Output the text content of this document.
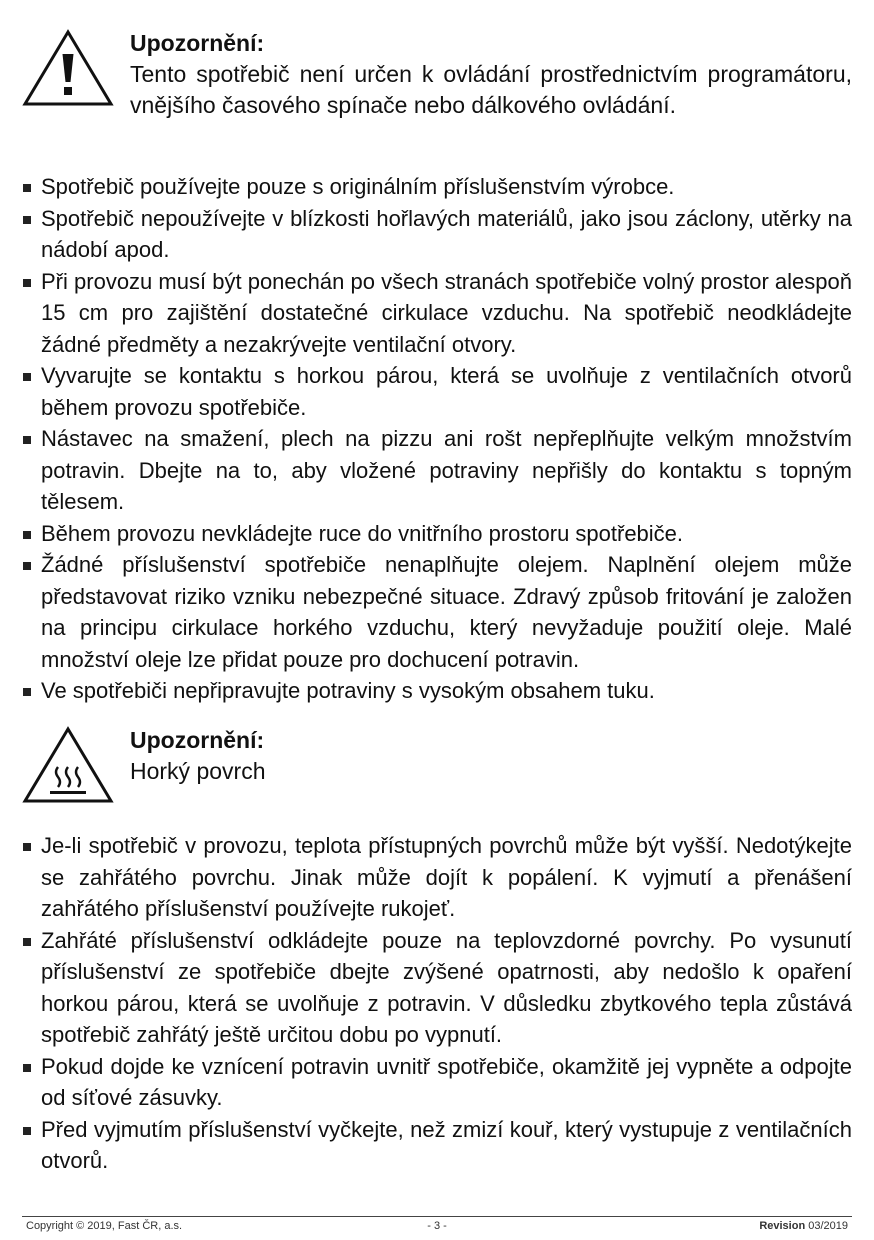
Upozornění:
Tento spotřebič není určen k ovládání prostřednictvím programátoru, vnějšího časového spínače nebo dálkového ovládání.
Spotřebič používejte pouze s originálním příslušenstvím výrobce.
Spotřebič nepoužívejte v blízkosti hořlavých materiálů, jako jsou záclony, utěrky na nádobí apod.
Při provozu musí být ponechán po všech stranách spotřebiče volný prostor alespoň 15 cm pro zajištění dostatečné cirkulace vzduchu. Na spotřebič neodkládejte žádné předměty a nezakrývejte ventilační otvory.
Vyvarujte se kontaktu s horkou párou, která se uvolňuje z ventilačních otvorů během provozu spotřebiče.
Nástavec na smažení, plech na pizzu ani rošt nepřeplňujte velkým množstvím potravin. Dbejte na to, aby vložené potraviny nepřišly do kontaktu s topným tělesem.
Během provozu nevkládejte ruce do vnitřního prostoru spotřebiče.
Žádné příslušenství spotřebiče nenaplňujte olejem. Naplnění olejem může představovat riziko vzniku nebezpečné situace. Zdravý způsob fritování je založen na principu cirkulace horkého vzduchu, který nevyžaduje použití oleje. Malé množství oleje lze přidat pouze pro dochucení potravin.
Ve spotřebiči nepřipravujte potraviny s vysokým obsahem tuku.
Upozornění:
Horký povrch
Je-li spotřebič v provozu, teplota přístupných povrchů může být vyšší. Nedotýkejte se zahřátého povrchu. Jinak může dojít k popálení. K vyjmutí a přenášení zahřátého příslušenství používejte rukojeť.
Zahřáté příslušenství odkládejte pouze na teplovzdorné povrchy. Po vysunutí příslušenství ze spotřebiče dbejte zvýšené opatrnosti, aby nedošlo k opaření horkou párou, která se uvolňuje z potravin. V důsledku zbytkového tepla zůstává spotřebič zahřátý ještě určitou dobu po vypnutí.
Pokud dojde ke vznícení potravin uvnitř spotřebiče, okamžitě jej vypněte a odpojte od síťové zásuvky.
Před vyjmutím příslušenství vyčkejte, než zmizí kouř, který vystupuje z ventilačních otvorů.
Copyright © 2019, Fast ČR, a.s.	- 3 -	Revision 03/2019
